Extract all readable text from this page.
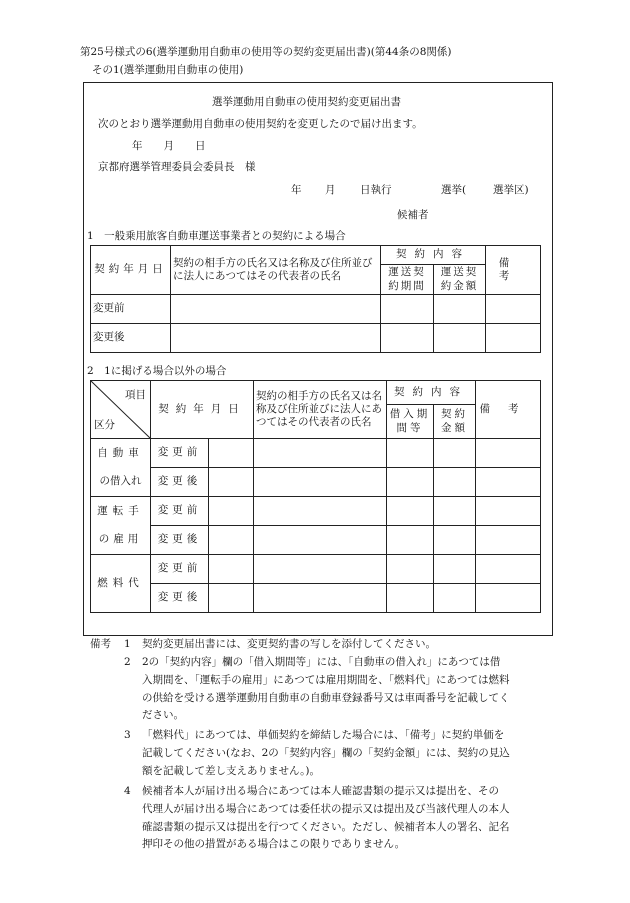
第25号様式の6(選挙運動用自動車の使用等の契約変更届出書)(第44条の8関係)
その1(選挙運動用自動車の使用)
選挙運動用自動車の使用契約変更届出書
次のとおり選挙運動用自動車の使用契約を変更したので届け出ます。
年　　月　　日
京都府選挙管理委員会委員長　様
年 月 日執行	選挙(	選挙区)
候補者
1　一般乗用旅客自動車運送事業者との契約による場合
契約年月日	契約の相手方の氏名又は名称及び住所並びに法人にあつてはその代表者の氏名	契約内容		備考
		運送契約期間	運送契約金額	
変更前				
変更後				
2　1に掲げる場合以外の場合
項目
区分	契約年月日		契約の相手方の氏名又は名称及び住所並びに法人にあつてはその代表者の氏名	契約内容		備考
				借入期間等	契約金額	

自動車
の借入れ	変更前					
	変更後					

運転手
の雇用	変更前					
	変更後					

燃料代	変更前					
	変更後					
備考 1 契約変更届出書には、変更契約書の写しを添付してください。
2 2の「契約内容」欄の「借入期間等」には、「自動車の借入れ」にあつては借
入期間を、「運転手の雇用」にあつては雇用期間を、「燃料代」にあつては燃料
の供給を受ける選挙運動用自動車の自動車登録番号又は車両番号を記載してく
ださい。
3 「燃料代」にあつては、単価契約を締結した場合には、「備考」に契約単価を
記載してください(なお、2の「契約内容」欄の「契約金額」には、契約の見込
額を記載して差し支えありません。)。
4 候補者本人が届け出る場合にあつては本人確認書類の提示又は提出を、その
代理人が届け出る場合にあつては委任状の提示又は提出及び当該代理人の本人
確認書類の提示又は提出を行つてください。ただし、候補者本人の署名、記名
押印その他の措置がある場合はこの限りでありません。
